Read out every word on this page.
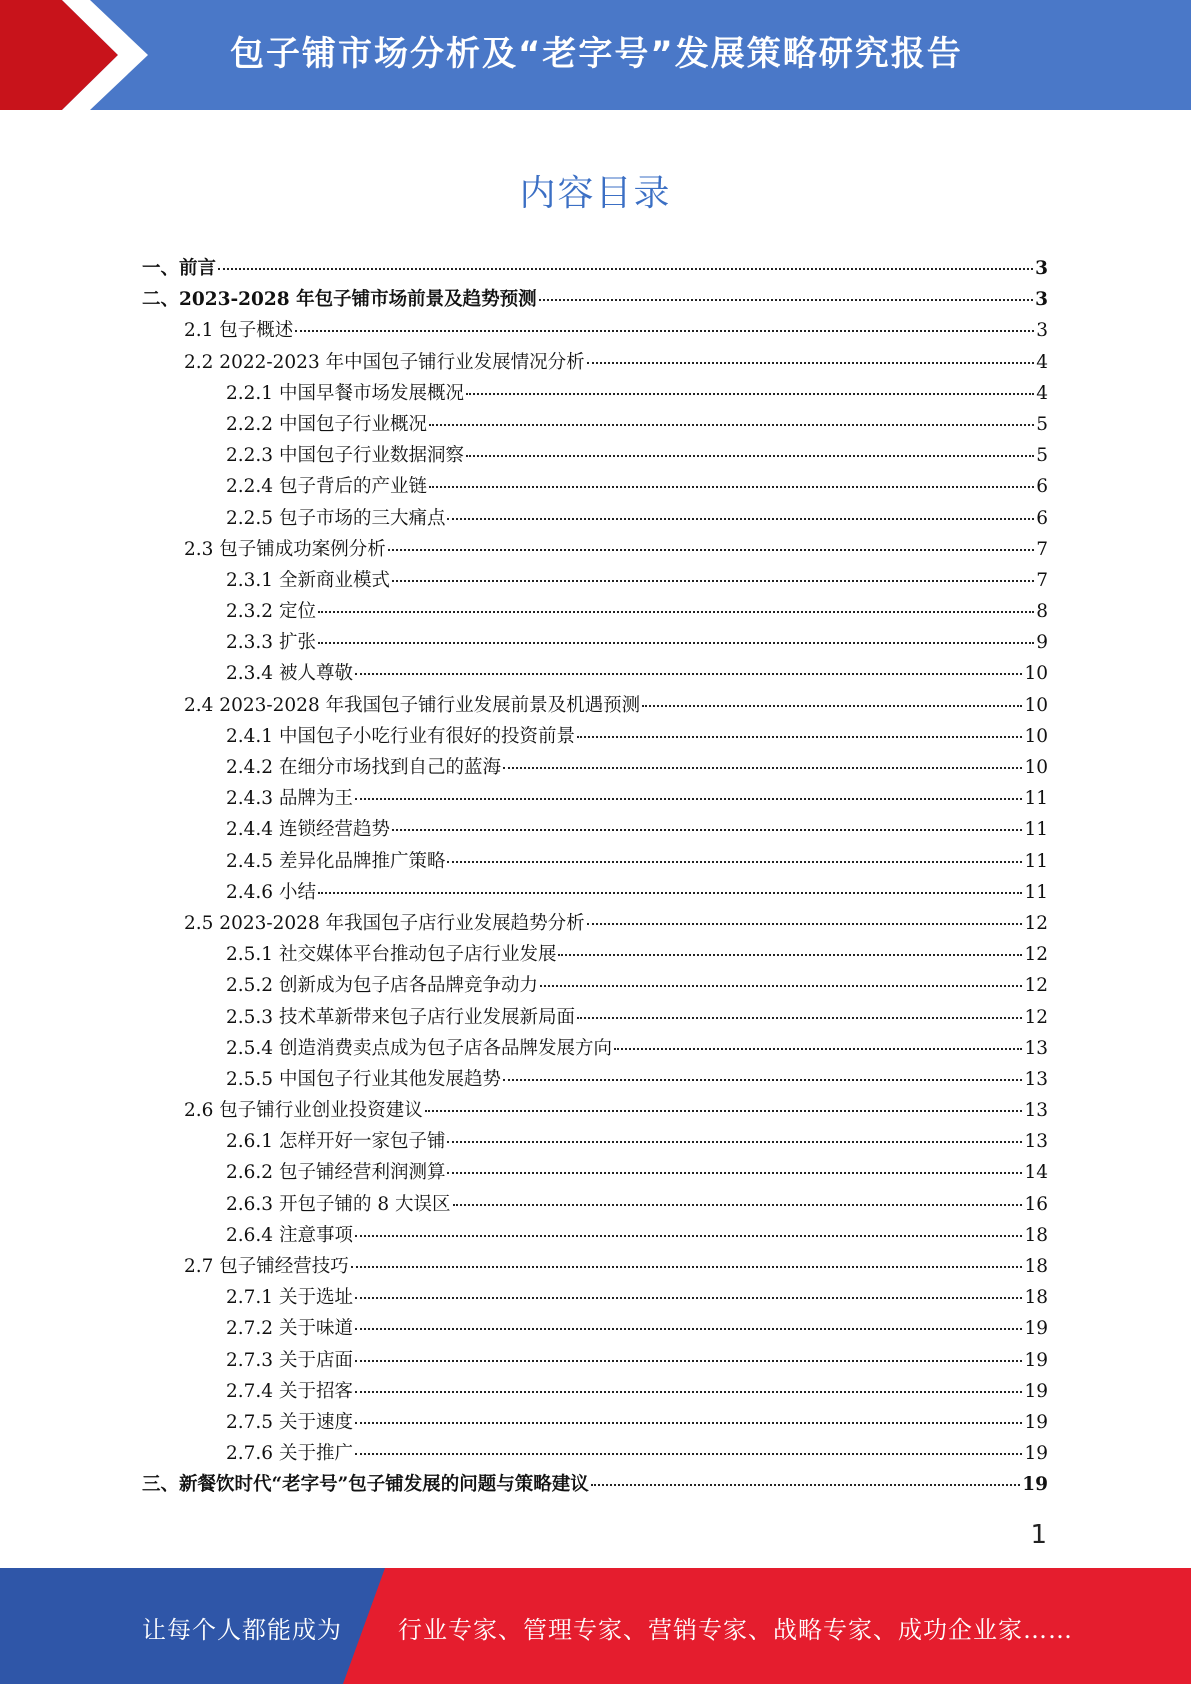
包子铺市场分析及“老字号”发展策略研究报告
内容目录
一、前言	3
二、2023-2028 年包子铺市场前景及趋势预测	3
2.1 包子概述	3
2.2 2022-2023 年中国包子铺行业发展情况分析	4
2.2.1 中国早餐市场发展概况	4
2.2.2 中国包子行业概况	5
2.2.3 中国包子行业数据洞察	5
2.2.4 包子背后的产业链	6
2.2.5 包子市场的三大痛点	6
2.3 包子铺成功案例分析	7
2.3.1 全新商业模式	7
2.3.2 定位	8
2.3.3 扩张	9
2.3.4 被人尊敬	10
2.4 2023-2028 年我国包子铺行业发展前景及机遇预测	10
2.4.1 中国包子小吃行业有很好的投资前景	10
2.4.2 在细分市场找到自己的蓝海	10
2.4.3 品牌为王	11
2.4.4 连锁经营趋势	11
2.4.5 差异化品牌推广策略	11
2.4.6 小结	11
2.5 2023-2028 年我国包子店行业发展趋势分析	12
2.5.1 社交媒体平台推动包子店行业发展	12
2.5.2 创新成为包子店各品牌竞争动力	12
2.5.3 技术革新带来包子店行业发展新局面	12
2.5.4 创造消费卖点成为包子店各品牌发展方向	13
2.5.5 中国包子行业其他发展趋势	13
2.6 包子铺行业创业投资建议	13
2.6.1 怎样开好一家包子铺	13
2.6.2 包子铺经营利润测算	14
2.6.3 开包子铺的 8 大误区	16
2.6.4 注意事项	18
2.7 包子铺经营技巧	18
2.7.1 关于选址	18
2.7.2 关于味道	19
2.7.3 关于店面	19
2.7.4 关于招客	19
2.7.5 关于速度	19
2.7.6 关于推广	19
三、新餐饮时代“老字号”包子铺发展的问题与策略建议	19
1
让每个人都能成为 行业专家、管理专家、营销专家、战略专家、成功企业家……
